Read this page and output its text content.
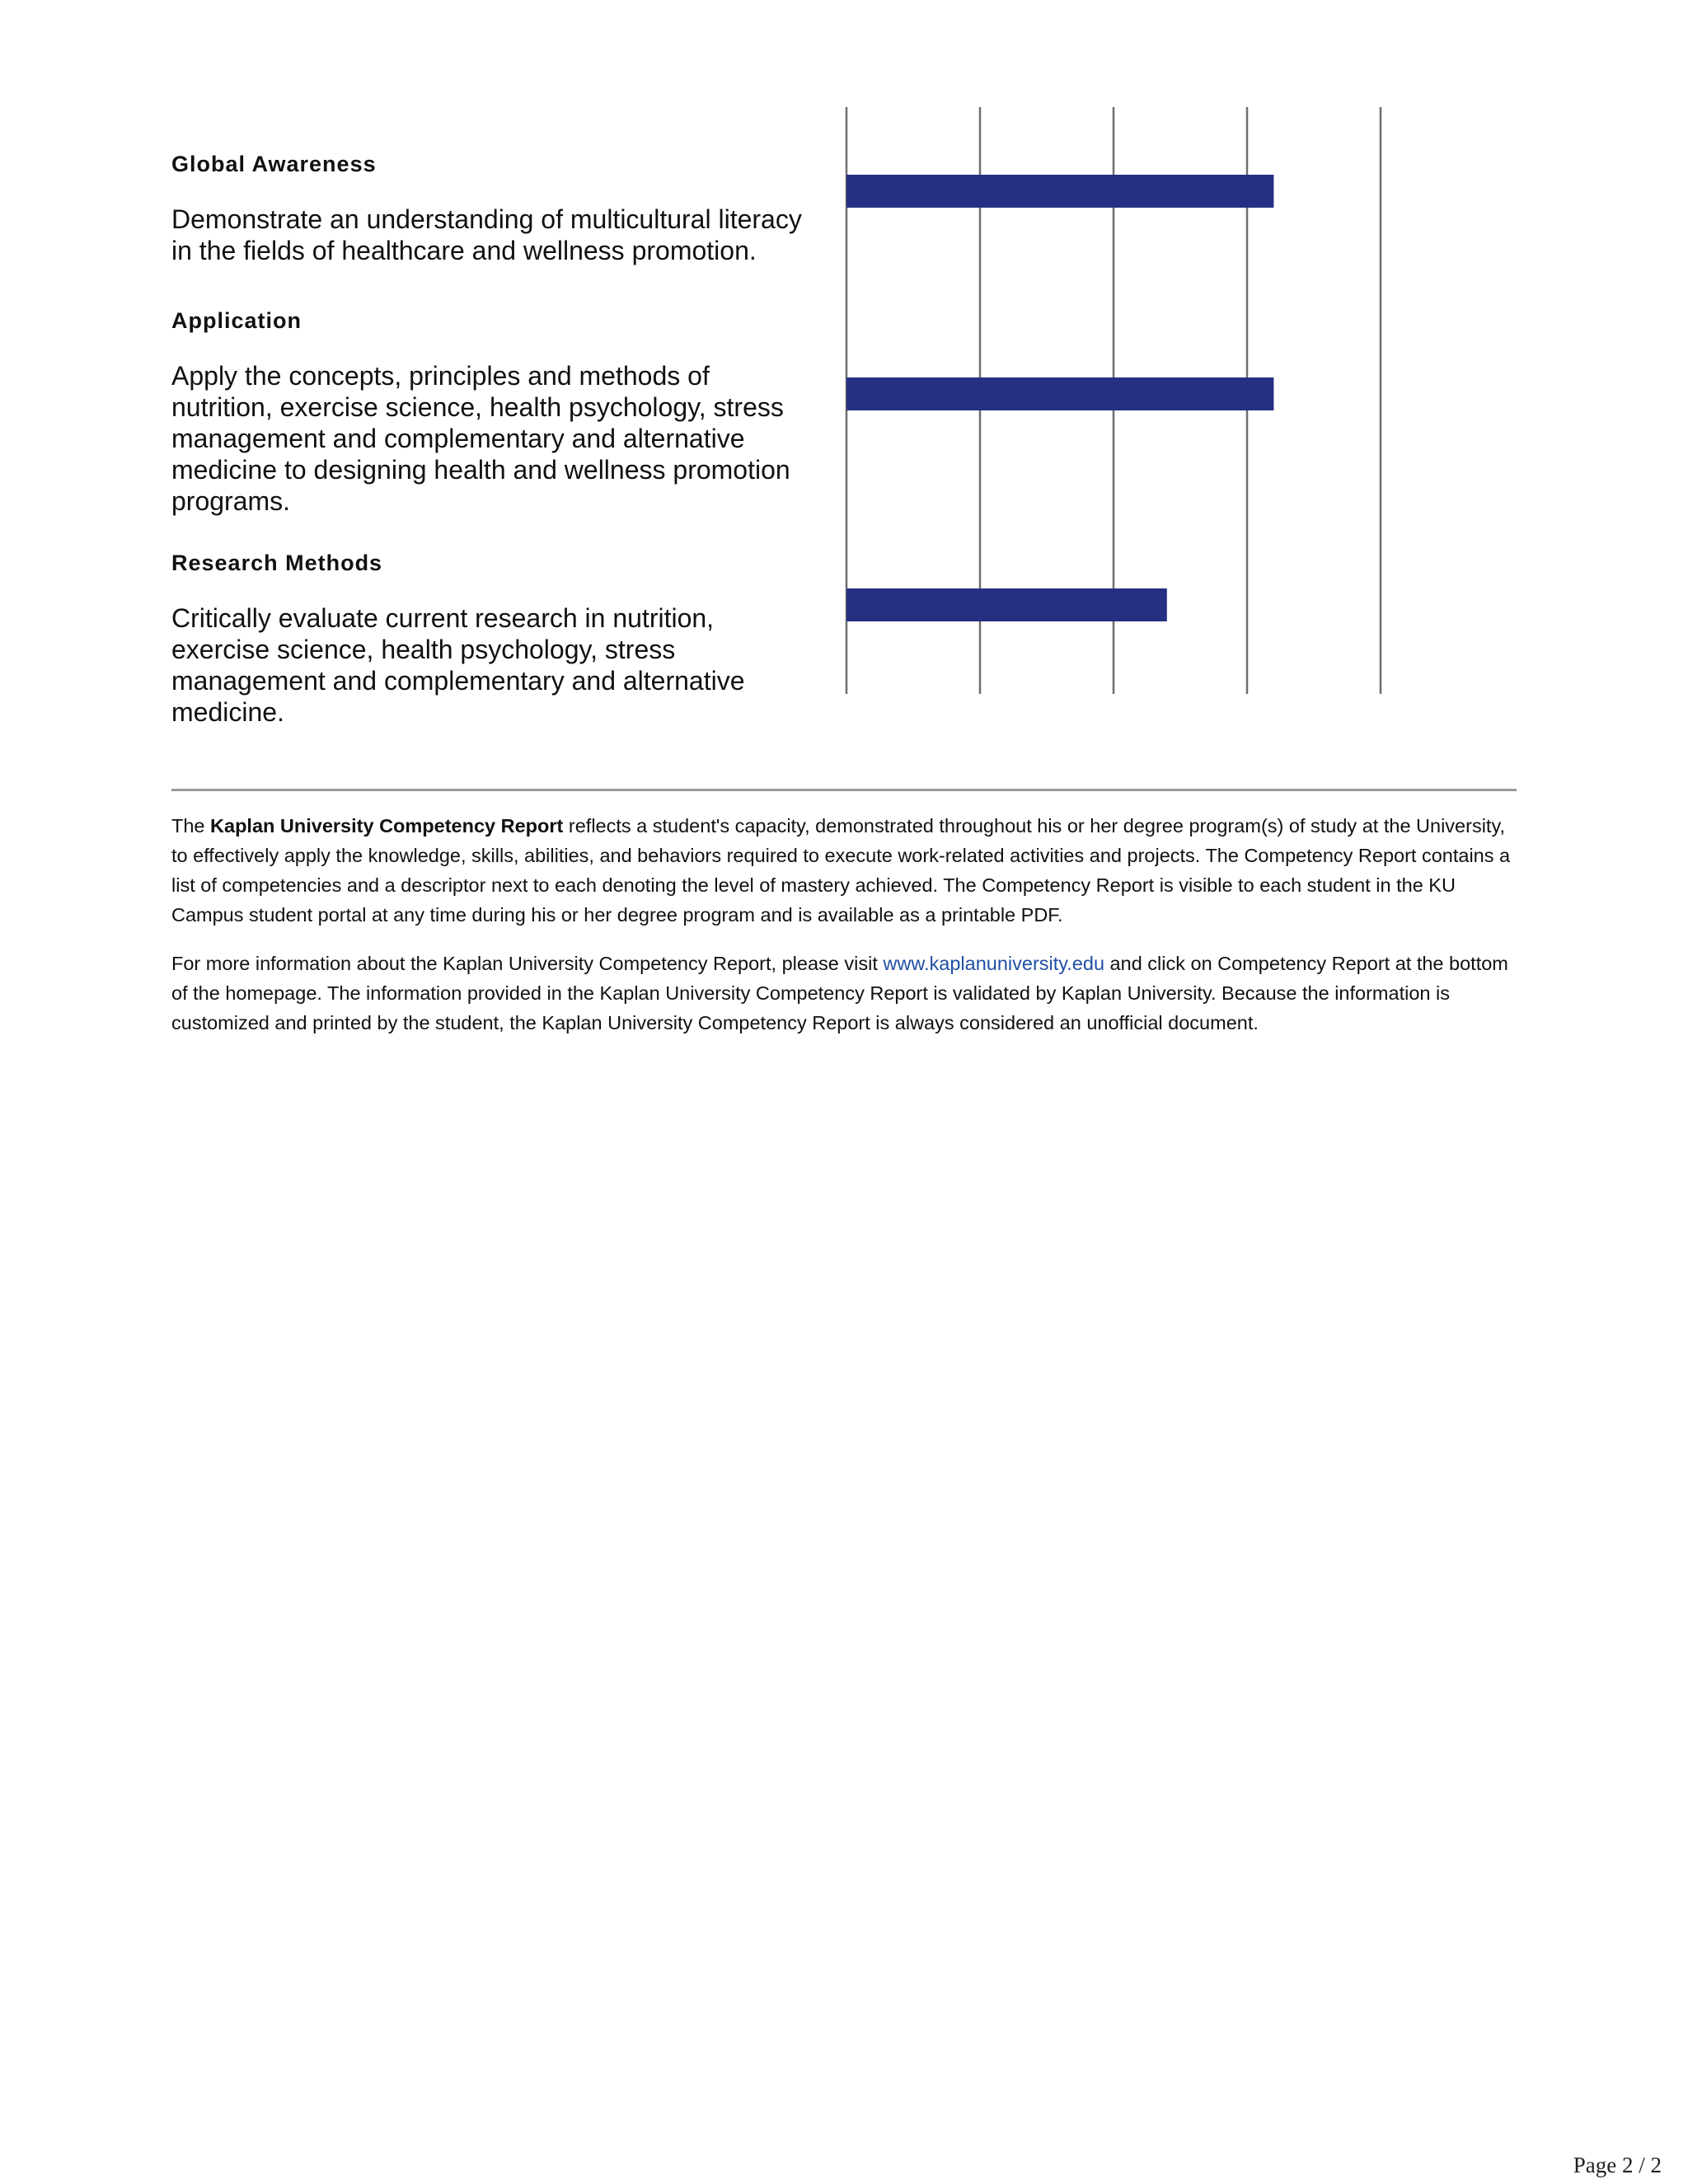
Global Awareness

Demonstrate an understanding of multicultural literacy in the fields of healthcare and wellness promotion.

Application

Apply the concepts, principles and methods of nutrition, exercise science, health psychology, stress management and complementary and alternative medicine to designing health and wellness promotion programs.

Research Methods

Critically evaluate current research in nutrition, exercise science, health psychology, stress management and complementary and alternative medicine.

The Kaplan University Competency Report reflects a student's capacity, demonstrated throughout his or her degree program(s) of study at the University, to effectively apply the knowledge, skills, abilities, and behaviors required to execute work-related activities and projects. The Competency Report contains a list of competencies and a descriptor next to each denoting the level of mastery achieved. The Competency Report is visible to each student in the KU Campus student portal at any time during his or her degree program and is available as a printable PDF.

For more information about the Kaplan University Competency Report, please visit www.kaplanuniversity.edu and click on Competency Report at the bottom of the homepage. The information provided in the Kaplan University Competency Report is validated by Kaplan University. Because the information is customized and printed by the student, the Kaplan University Competency Report is always considered an unofficial document.

Page 2 / 2
